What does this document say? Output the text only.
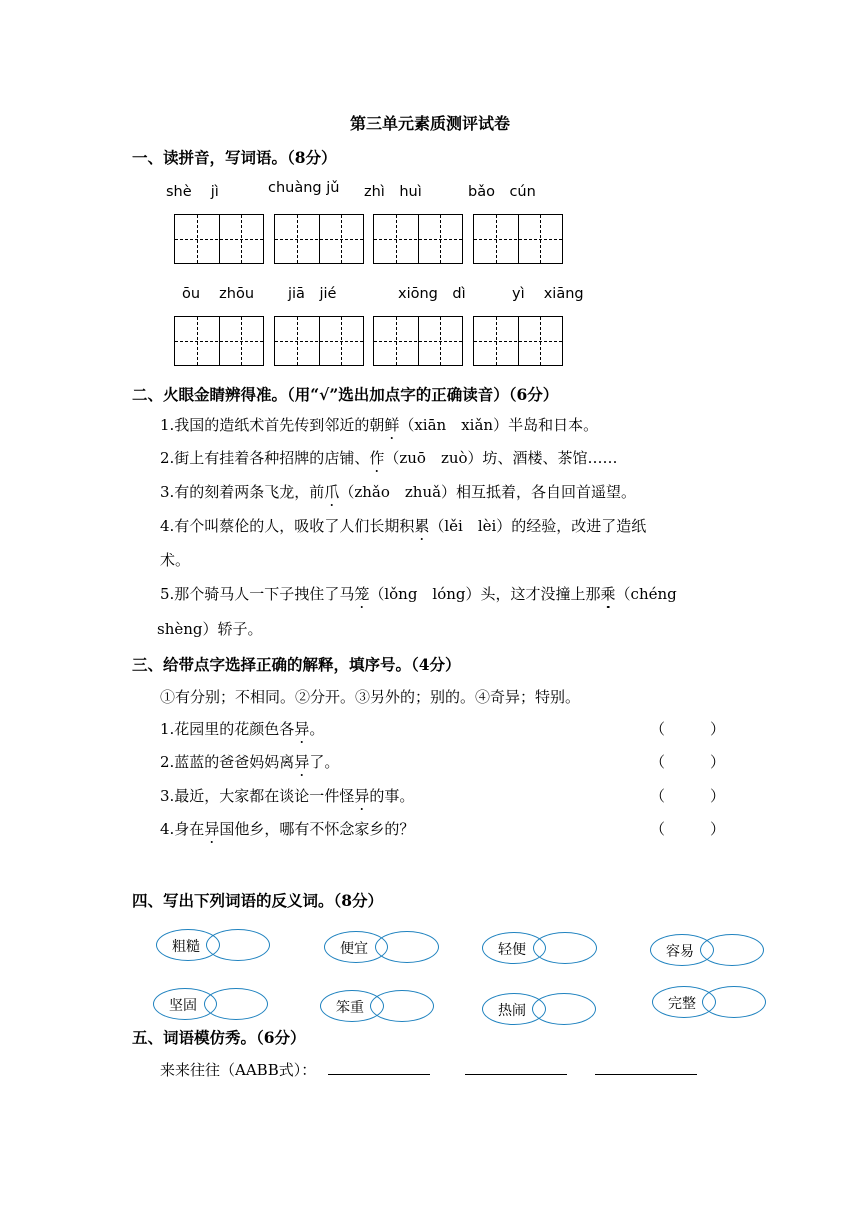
第三单元素质测评试卷
一、读拼音，写词语。（8分）
shè　 jì	chuàng jǔ zhì　huì	bǎo　cún
ōu　 zhōu jiā　jié	xiōng　dì	yì　 xiāng
二、火眼金睛辨得准。（用“√”选出加点字的正确读音）（6分）
1.我国的造纸术首先传到邻近的朝鲜（xiān　xiǎn）半岛和日本。
2.街上有挂着各种招牌的店铺、作（zuō　zuò）坊、酒楼、茶馆……
3.有的刻着两条飞龙，前爪（zhǎo　zhuǎ）相互抵着，各自回首遥望。
4.有个叫蔡伦的人，吸收了人们长期积累（lěi　lèi）的经验，改进了造纸
术。
5.那个骑马人一下子拽住了马笼（lǒng　lóng）头，这才没撞上那乘（chéng
shèng）轿子。
三、给带点字选择正确的解释，填序号。（4分）
①有分别；不相同。②分开。③另外的；别的。④奇异；特别。
1.花园里的花颜色各异。	（　　　）
2.蓝蓝的爸爸妈妈离异了。	（　　　）
3.最近，大家都在谈论一件怪异的事。	（　　　）
4.身在异国他乡，哪有不怀念家乡的？	（　　　）
四、写出下列词语的反义词。（8分）
粗糙	便宜	轻便	容易
坚固	笨重	热闹	完整
五、词语模仿秀。（6分）
来来往往（AABB式）：
